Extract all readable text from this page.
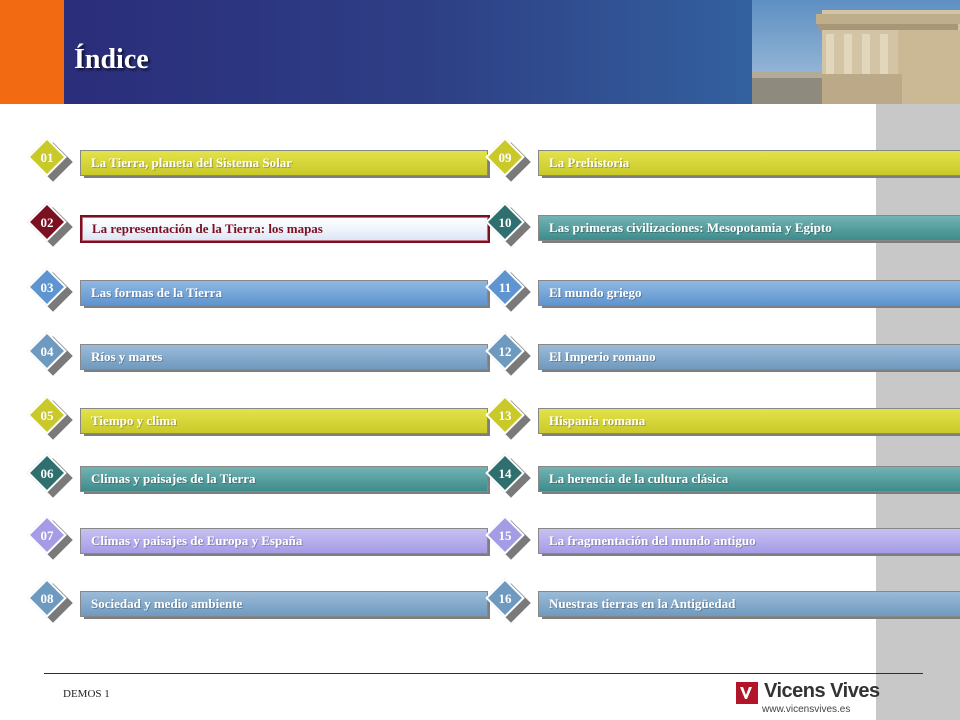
Índice
La Tierra, planeta del Sistema Solar
01
La representación de la Tierra: los mapas
02
Las formas de la Tierra
03
Ríos y mares
04
Tiempo y clima
05
Climas y paisajes de la Tierra
06
Climas y paisajes de Europa y España
07
Sociedad y medio ambiente
08
La Prehistoria
09
Las primeras civilizaciones: Mesopotamia y Egipto
10
El mundo griego
11
El Imperio romano
12
Hispania romana
13
La herencia de la cultura clásica
14
La fragmentación del mundo antiguo
15
Nuestras tierras en la Antigüedad
16
DEMOS 1	Vicens Vives
www.vicensvives.es
